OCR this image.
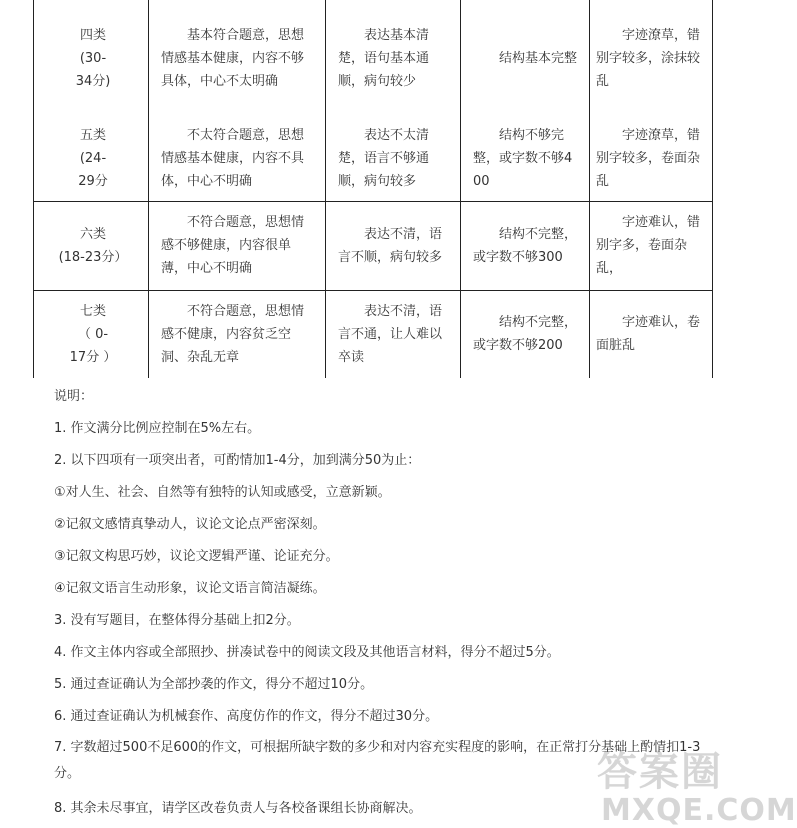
四类
(30-
34分)	基本符合题意，思想情感基本健康，内容不够具体，中心不太明确	表达基本清楚，语句基本通顺，病句较少	结构基本完整	字迹潦草，错别字较多，涂抹较乱

五类
(24-
29分	不太符合题意，思想情感基本健康，内容不具体，中心不明确	表达不太清楚，语言不够通顺，病句较多	结构不够完整，或字数不够400	字迹潦草，错别字较多，卷面杂乱

六类
(18-23分）	不符合题意，思想情感不够健康，内容很单薄，中心不明确	表达不清，语言不顺，病句较多	结构不完整，或字数不够300	字迹难认，错别字多，卷面杂乱，

七类
（ 0-
17分 ）	不符合题意，思想情感不健康，内容贫乏空洞、杂乱无章	表达不清，语言不通，让人难以卒读	结构不完整，或字数不够200	字迹难认，卷面脏乱

说明：

1. 作文满分比例应控制在5%左右。

2. 以下四项有一项突出者，可酌情加1-4分，加到满分50为止：

①对人生、社会、自然等有独特的认知或感受，立意新颖。

②记叙文感情真挚动人，议论文论点严密深刻。

③记叙文构思巧妙，议论文逻辑严谨、论证充分。

④记叙文语言生动形象，议论文语言简洁凝练。

3. 没有写题目，在整体得分基础上扣2分。

4. 作文主体内容或全部照抄、拼凑试卷中的阅读文段及其他语言材料，得分不超过5分。

5. 通过查证确认为全部抄袭的作文，得分不超过10分。

6. 通过查证确认为机械套作、高度仿作的作文，得分不超过30分。

7. 字数超过500不足600的作文，可根据所缺字数的多少和对内容充实程度的影响，在正常打分基础上酌情扣1-3分。

8. 其余未尽事宜，请学区改卷负责人与各校备课组长协商解决。

答案圈
MXQE.COM
